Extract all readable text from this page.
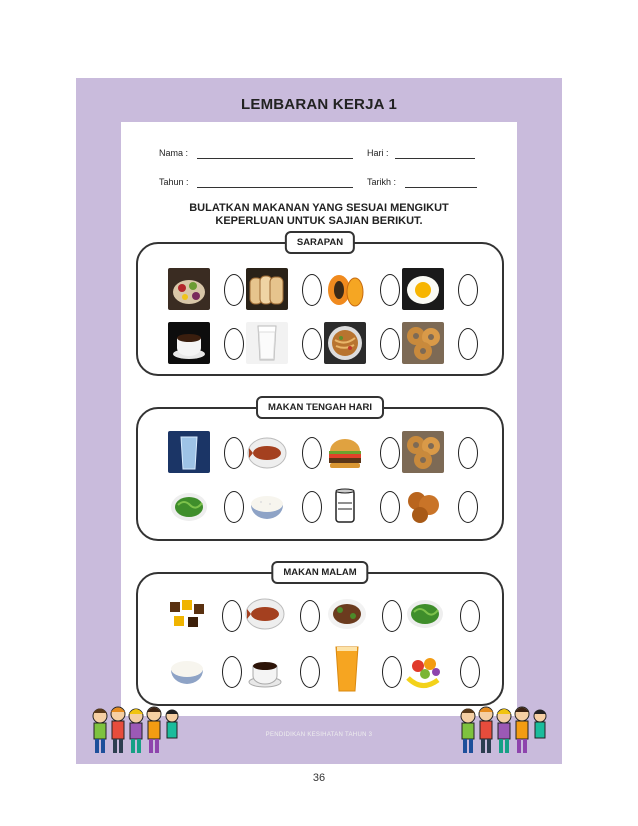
LEMBARAN KERJA 1
Nama :	Hari :
Tahun :	Tarikh :
BULATKAN MAKANAN YANG SESUAI MENGIKUT
KEPERLUAN UNTUK SAJIAN BERIKUT.
SARAPAN
MAKAN TENGAH HARI
MAKAN MALAM
PENDIDIKAN KESIHATAN TAHUN 3
36
